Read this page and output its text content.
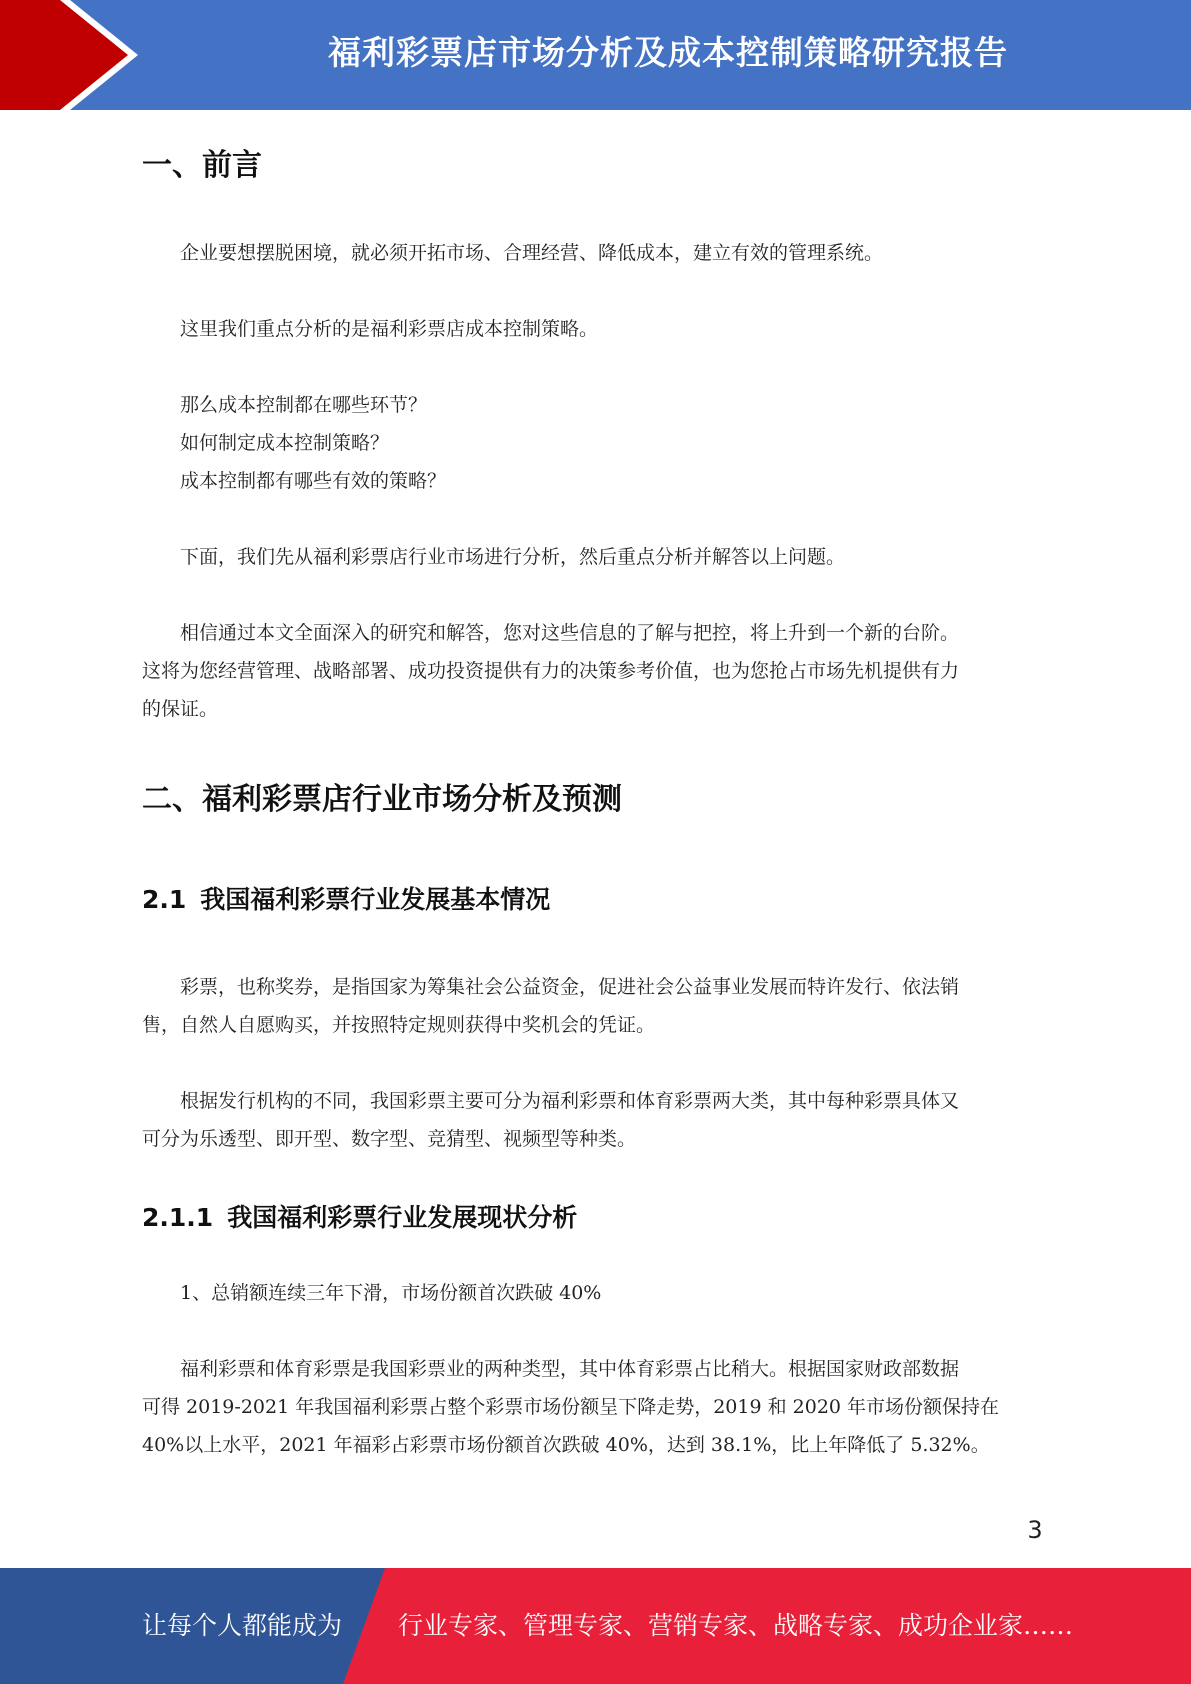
福利彩票店市场分析及成本控制策略研究报告
一、前言

企业要想摆脱困境，就必须开拓市场、合理经营、降低成本，建立有效的管理系统。

这里我们重点分析的是福利彩票店成本控制策略。

那么成本控制都在哪些环节？
如何制定成本控制策略？
成本控制都有哪些有效的策略？

下面，我们先从福利彩票店行业市场进行分析，然后重点分析并解答以上问题。

相信通过本文全面深入的研究和解答，您对这些信息的了解与把控，将上升到一个新的台阶。
这将为您经营管理、战略部署、成功投资提供有力的决策参考价值，也为您抢占市场先机提供有力
的保证。

二、福利彩票店行业市场分析及预测
2.1 我国福利彩票行业发展基本情况

彩票，也称奖券，是指国家为筹集社会公益资金，促进社会公益事业发展而特许发行、依法销
售，自然人自愿购买，并按照特定规则获得中奖机会的凭证。

根据发行机构的不同，我国彩票主要可分为福利彩票和体育彩票两大类，其中每种彩票具体又
可分为乐透型、即开型、数字型、竞猜型、视频型等种类。

2.1.1 我国福利彩票行业发展现状分析

1、总销额连续三年下滑，市场份额首次跌破 40%

福利彩票和体育彩票是我国彩票业的两种类型，其中体育彩票占比稍大。根据国家财政部数据
可得 2019-2021 年我国福利彩票占整个彩票市场份额呈下降走势，2019 和 2020 年市场份额保持在
40%以上水平，2021 年福彩占彩票市场份额首次跌破 40%，达到 38.1%，比上年降低了 5.32%。

3
让每个人都能成为 行业专家、管理专家、营销专家、战略专家、成功企业家……
